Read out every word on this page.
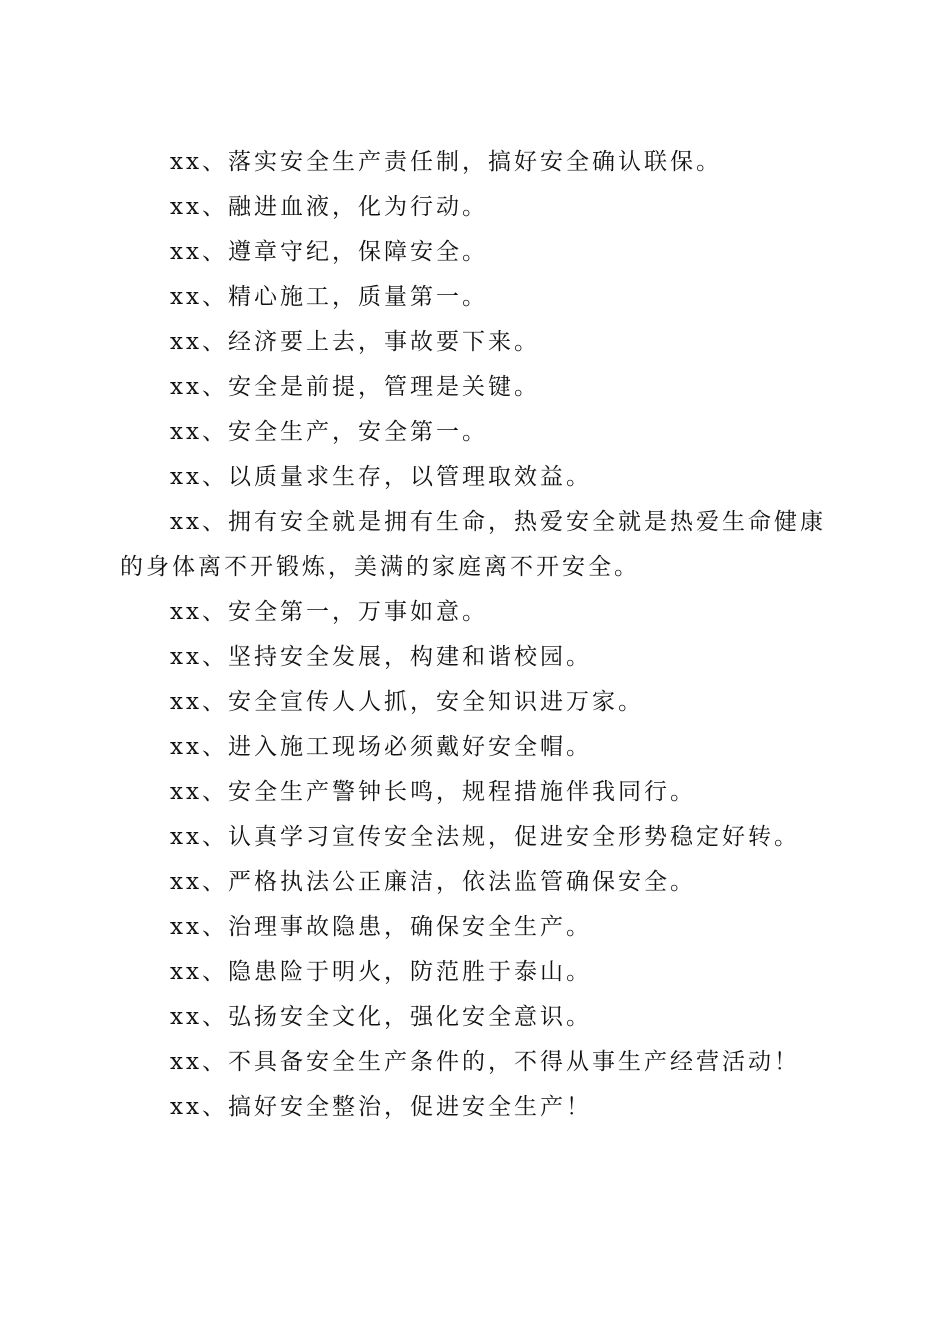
xx、落实安全生产责任制，搞好安全确认联保。
xx、融进血液，化为行动。
xx、遵章守纪，保障安全。
xx、精心施工，质量第一。
xx、经济要上去，事故要下来。
xx、安全是前提，管理是关键。
xx、安全生产，安全第一。
xx、以质量求生存，以管理取效益。
xx、拥有安全就是拥有生命，热爱安全就是热爱生命健康
的身体离不开锻炼，美满的家庭离不开安全。
xx、安全第一，万事如意。
xx、坚持安全发展，构建和谐校园。
xx、安全宣传人人抓，安全知识进万家。
xx、进入施工现场必须戴好安全帽。
xx、安全生产警钟长鸣，规程措施伴我同行。
xx、认真学习宣传安全法规，促进安全形势稳定好转。
xx、严格执法公正廉洁，依法监管确保安全。
xx、治理事故隐患，确保安全生产。
xx、隐患险于明火，防范胜于泰山。
xx、弘扬安全文化，强化安全意识。
xx、不具备安全生产条件的，不得从事生产经营活动！
xx、搞好安全整治，促进安全生产！
